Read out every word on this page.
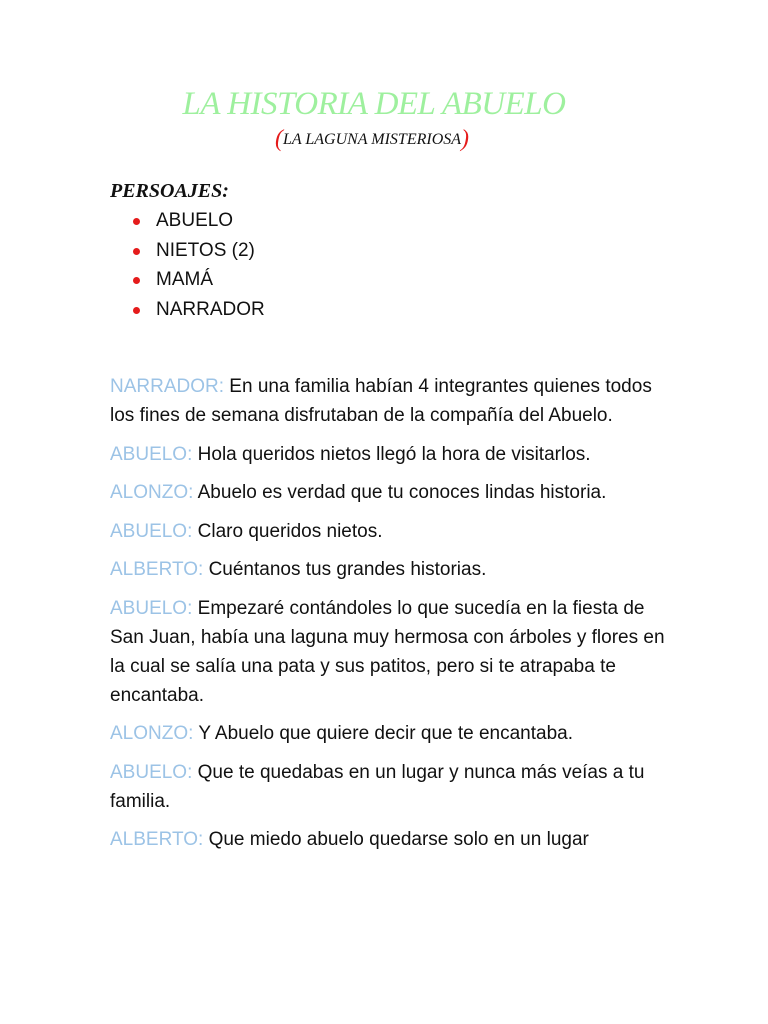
LA HISTORIA DEL ABUELO
(LA LAGUNA MISTERIOSA)
PERSOAJES:
ABUELO
NIETOS (2)
MAMÁ
NARRADOR

NARRADOR: En una familia habían 4 integrantes quienes todos los fines de semana disfrutaban de la compañía del Abuelo.

ABUELO: Hola queridos nietos llegó la hora de visitarlos.

ALONZO: Abuelo es verdad que tu conoces lindas historia.

ABUELO: Claro queridos nietos.

ALBERTO: Cuéntanos tus grandes historias.

ABUELO: Empezaré contándoles lo que sucedía en la fiesta de San Juan, había una laguna muy hermosa con árboles y flores en la cual se salía una pata y sus patitos, pero si te atrapaba te encantaba.

ALONZO: Y Abuelo que quiere decir que te encantaba.

ABUELO: Que te quedabas en un lugar y nunca más veías a tu familia.

ALBERTO: Que miedo abuelo quedarse solo en un lugar
